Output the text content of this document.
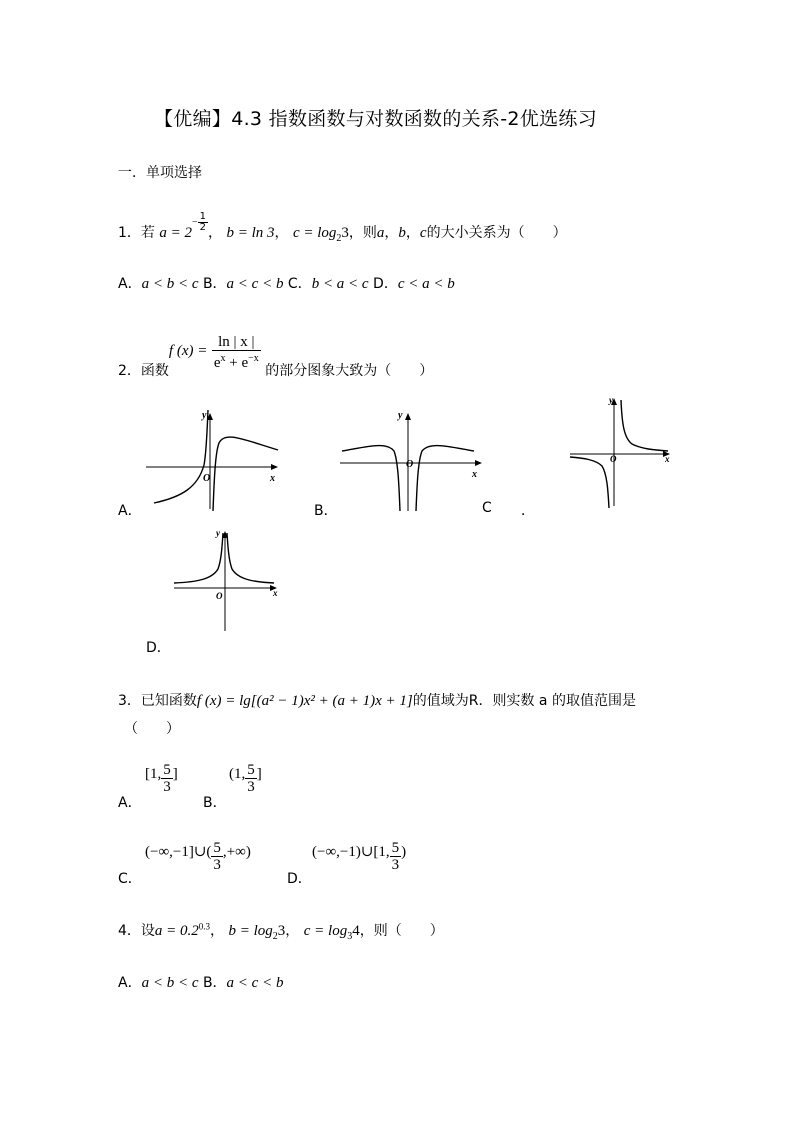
【优编】4.3 指数函数与对数函数的关系-2优选练习
一．单项选择
1．若 $a = 2^{- \frac{1}{2}}$
， b = ln 3， $c = \log_23$，则a，b，c的大小关系为（　　）
A．a < b < c B．a < c < b C．b < a < c D．c < a < b
2．函数f $(x) = \frac{\ln | x |}{e^x + e^{-x}}$ 的部分图象大致为（　　）
y
x
O
y
x
O
y
x
O
y
x
O
A．	B．	C ．
D．
3．已知函数f (x) = lg[(a² − 1)x² + (a + 1)x + 1]的值域为R．则实数 a 的取值范围是
（　　）
A．
[1, $\frac{5}{3}$ ]
B．
(1, $\frac{5}{3}$ ]
C．
(−∞,−1]∪( $\frac{5}{3}$ ,+∞)
D．
(−∞,−1)∪[1, $\frac{5}{3}$ )
4．设$a = 0.2^{0.3}$， $b = \log_23$， $c = \log_34$，则（　　）
A．a < b < c B．a < c < b
